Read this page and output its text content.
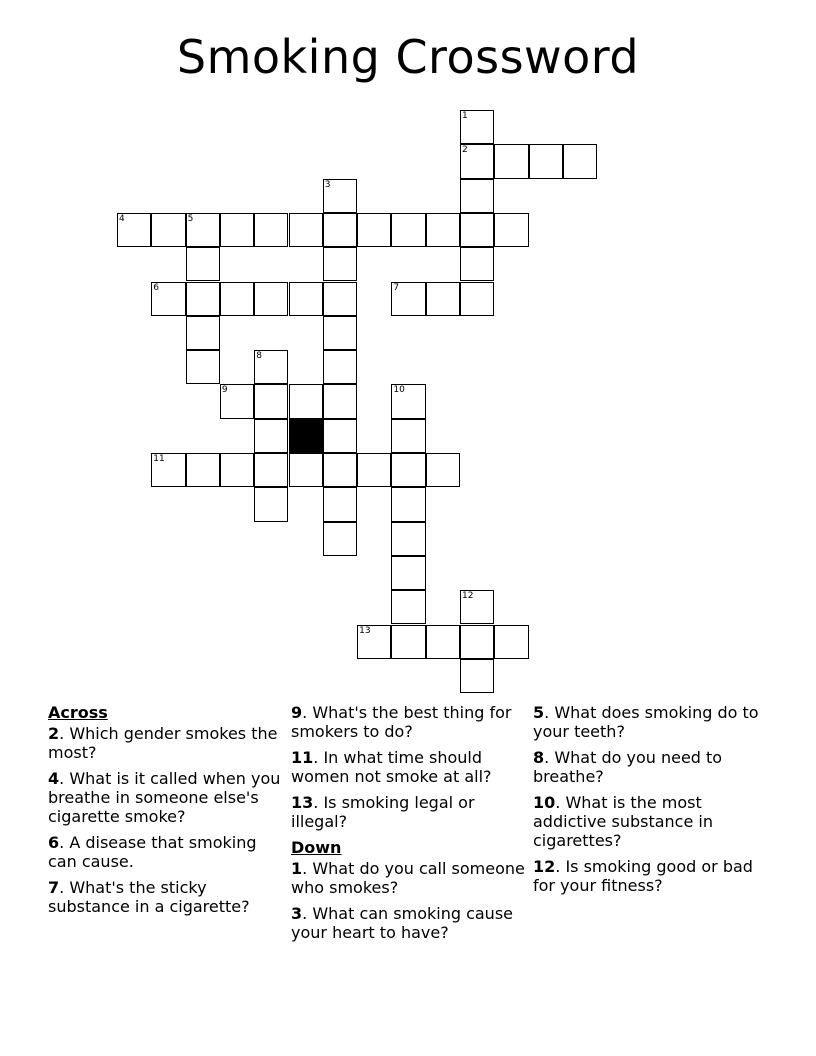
Smoking Crossword
1
2
3
4	5
6	7
8
9	10
11
12
13
Across
2. Which gender smokes the most?
4. What is it called when you breathe in someone else's cigarette smoke?
6. A disease that smoking can cause.
7. What's the sticky substance in a cigarette?
9. What's the best thing for smokers to do?
11. In what time should women not smoke at all?
13. Is smoking legal or illegal?
Down
1. What do you call someone who smokes?
3. What can smoking cause your heart to have?
5. What does smoking do to your teeth?
8. What do you need to breathe?
10. What is the most addictive substance in cigarettes?
12. Is smoking good or bad for your fitness?
